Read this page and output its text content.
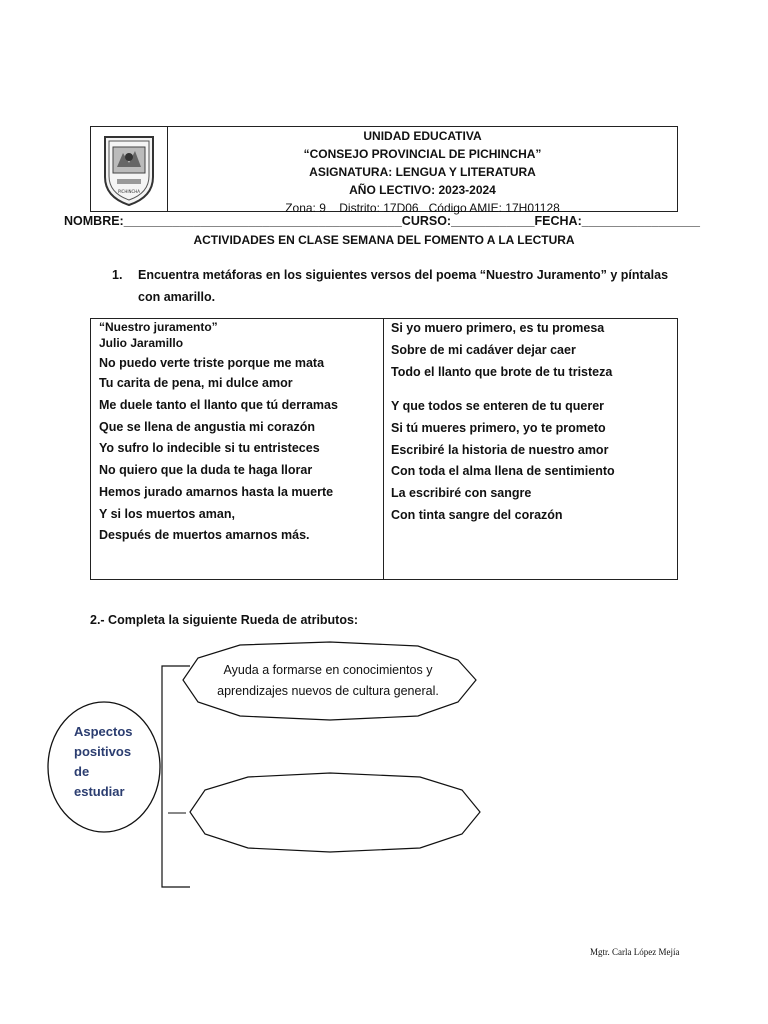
PICHINCHA
UNIDAD EDUCATIVA
“CONSEJO PROVINCIAL DE PICHINCHA”
ASIGNATURA: LENGUA Y LITERATURA
AÑO LECTIVO: 2023-2024
Zona: 9    Distrito: 17D06   Código AMIE: 17H01128
NOMBRE:________________________________________CURSO:____________FECHA:_________________
ACTIVIDADES EN CLASE SEMANA DEL FOMENTO A LA LECTURA
1.	Encuentra metáforas en los siguientes versos del poema “Nuestro Juramento” y píntalas con amarillo.
“Nuestro juramento”
Julio Jaramillo
No puedo verte triste porque me mata
Tu carita de pena, mi dulce amor
Me duele tanto el llanto que tú derramas
Que se llena de angustia mi corazón
Yo sufro lo indecible si tu entristeces
No quiero que la duda te haga llorar
Hemos jurado amarnos hasta la muerte
Y si los muertos aman,
Después de muertos amarnos más.
Si yo muero primero, es tu promesa
Sobre de mi cadáver dejar caer
Todo el llanto que brote de tu tristeza
Y que todos se enteren de tu querer
Si tú mueres primero, yo te prometo
Escribiré la historia de nuestro amor
Con toda el alma llena de sentimiento
La escribiré con sangre
Con tinta sangre del corazón
2.- Completa la siguiente Rueda de atributos:
Aspectos
positivos
de
estudiar
Ayuda a formarse en conocimientos y aprendizajes nuevos de cultura general.
Mgtr. Carla López Mejía
